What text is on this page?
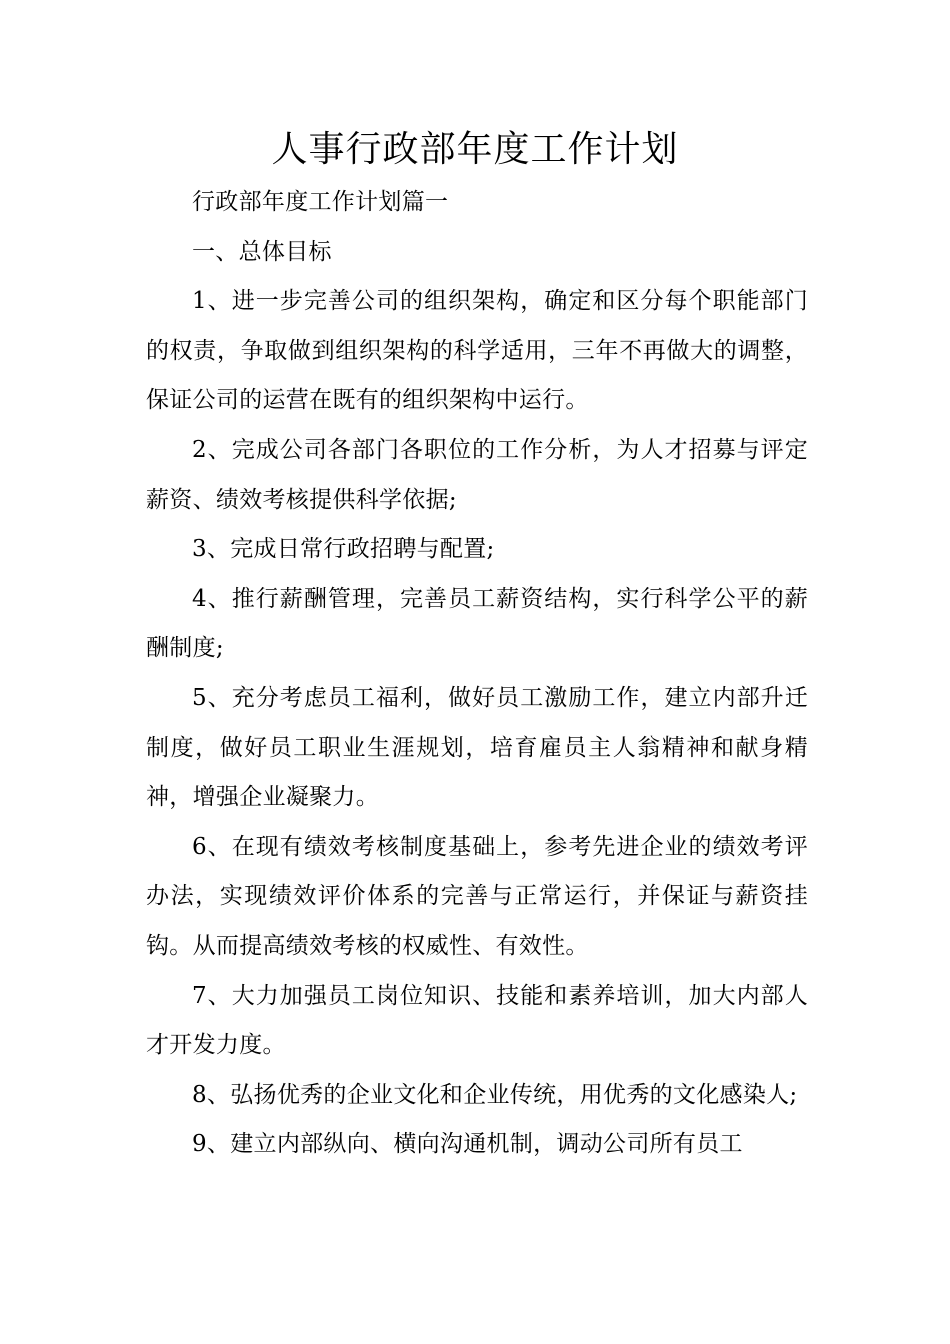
人事行政部年度工作计划

行政部年度工作计划篇一

一、总体目标

1、进一步完善公司的组织架构，确定和区分每个职能部门的权责，争取做到组织架构的科学适用，三年不再做大的调整，保证公司的运营在既有的组织架构中运行。

2、完成公司各部门各职位的工作分析，为人才招募与评定薪资、绩效考核提供科学依据;

3、完成日常行政招聘与配置;

4、推行薪酬管理，完善员工薪资结构，实行科学公平的薪酬制度;

5、充分考虑员工福利，做好员工激励工作，建立内部升迁制度，做好员工职业生涯规划，培育雇员主人翁精神和献身精神，增强企业凝聚力。

6、在现有绩效考核制度基础上，参考先进企业的绩效考评办法，实现绩效评价体系的完善与正常运行，并保证与薪资挂钩。从而提高绩效考核的权威性、有效性。

7、大力加强员工岗位知识、技能和素养培训，加大内部人才开发力度。

8、弘扬优秀的企业文化和企业传统，用优秀的文化感染人;

9、建立内部纵向、横向沟通机制，调动公司所有员工
